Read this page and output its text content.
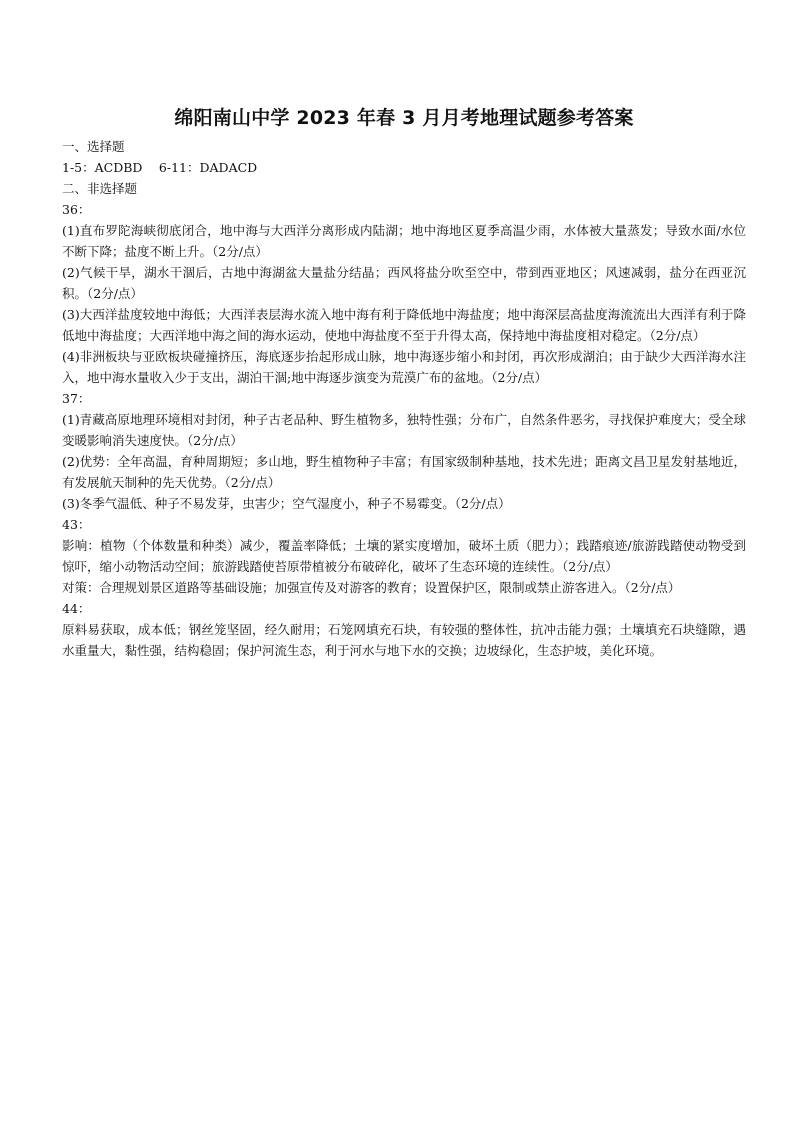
绵阳南山中学 2023 年春 3 月月考地理试题参考答案

一、选择题

1-5：ACDBD　 6-11：DADACD

二、非选择题

36：

(1)直布罗陀海峡彻底闭合，地中海与大西洋分离形成内陆湖；地中海地区夏季高温少雨，水体被大量蒸发；导致水面/水位不断下降；盐度不断上升。（2分/点）

(2)气候干旱，湖水干涸后，古地中海湖盆大量盐分结晶；西风将盐分吹至空中，带到西亚地区；风速减弱，盐分在西亚沉积。（2分/点）

(3)大西洋盐度较地中海低；大西洋表层海水流入地中海有利于降低地中海盐度；地中海深层高盐度海流流出大西洋有利于降低地中海盐度；大西洋地中海之间的海水运动，使地中海盐度不至于升得太高，保持地中海盐度相对稳定。（2分/点）

(4)非洲板块与亚欧板块碰撞挤压，海底逐步抬起形成山脉，地中海逐步缩小和封闭，再次形成湖泊；由于缺少大西洋海水注入，地中海水量收入少于支出，湖泊干涸;地中海逐步演变为荒漠广布的盆地。（2分/点）

37：

(1)青藏高原地理环境相对封闭，种子古老品种、野生植物多，独特性强；分布广，自然条件恶劣，寻找保护难度大；受全球变暖影响消失速度快。（2分/点）

(2)优势：全年高温，育种周期短；多山地，野生植物种子丰富；有国家级制种基地，技术先进；距离文昌卫星发射基地近，有发展航天制种的先天优势。（2分/点）

(3)冬季气温低、种子不易发芽，虫害少；空气湿度小，种子不易霉变。（2分/点）

43：

影响：植物（个体数量和种类）减少，覆盖率降低；土壤的紧实度增加，破坏土质（肥力）；践踏痕迹/旅游践踏使动物受到惊吓，缩小动物活动空间；旅游践踏使苔原带植被分布破碎化，破坏了生态环境的连续性。（2分/点）

对策：合理规划景区道路等基础设施；加强宣传及对游客的教育；设置保护区，限制或禁止游客进入。（2分/点）

44：

原料易获取，成本低；钢丝笼坚固，经久耐用；石笼网填充石块，有较强的整体性，抗冲击能力强；土壤填充石块缝隙，遇水重量大，黏性强，结构稳固；保护河流生态，利于河水与地下水的交换；边坡绿化，生态护坡，美化环境。
